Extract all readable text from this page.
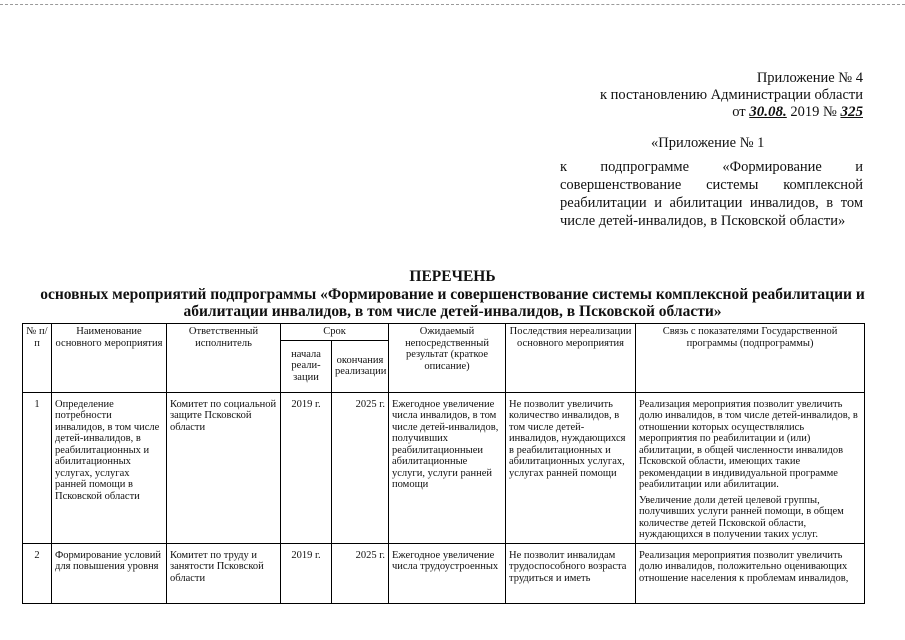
Приложение № 4
к постановлению Администрации области
от 30.08. 2019 № 325
«Приложение № 1
к подпрограмме «Формирование и совершенствование системы комплексной реабилитации и абилитации инвалидов, в том числе детей-инвалидов, в Псковской области»
ПЕРЕЧЕНЬ
основных мероприятий подпрограммы «Формирование и совершенствование системы комплексной реабилитации и
абилитации инвалидов, в том числе детей-инвалидов, в Псковской области»
№ п/п	Наименование основного мероприятия	Ответственный исполнитель	Срок		Ожидаемый непосредственный результат (краткое описание)	Последствия нереализации основного мероприятия	Связь с показателями Государственной программы (подпрограммы)
			начала реали-зации	окончания реализации			
1	Определение потребности инвалидов, в том числе детей-инвалидов, в реабилитационных и абилитационных услугах, услугах ранней помощи в Псковской области	Комитет по социальной защите Псковской области	2019 г.	2025 г.	Ежегодное увеличение числа инвалидов, в том числе детей-инвалидов, получивших реабилитационныеи абилитационные услуги, услуги ранней помощи	Не позволит увеличить количество инвалидов, в том числе детей-инвалидов, нуждающихся в реабилитационных и абилитационных услугах, услугах ранней помощи	Реализация мероприятия позволит увеличить долю инвалидов, в том числе детей-инвалидов, в отношении которых осуществлялись мероприятия по реабилитации и (или) абилитации, в общей численности инвалидов Псковской области, имеющих такие рекомендации в индивидуальной программе реабилитации или абилитации.
Увеличение доли детей целевой группы, получивших услуги ранней помощи, в общем количестве детей Псковской области, нуждающихся в получении таких услуг.

2	Формирование условий для повышения уровня	Комитет по труду и занятости Псковской области	2019 г.	2025 г.	Ежегодное увеличение числа трудоустроенных	Не позволит инвалидам трудоспособного возраста трудиться и иметь	Реализация мероприятия позволит увеличить долю инвалидов, положительно оценивающих отношение населения к проблемам инвалидов,
